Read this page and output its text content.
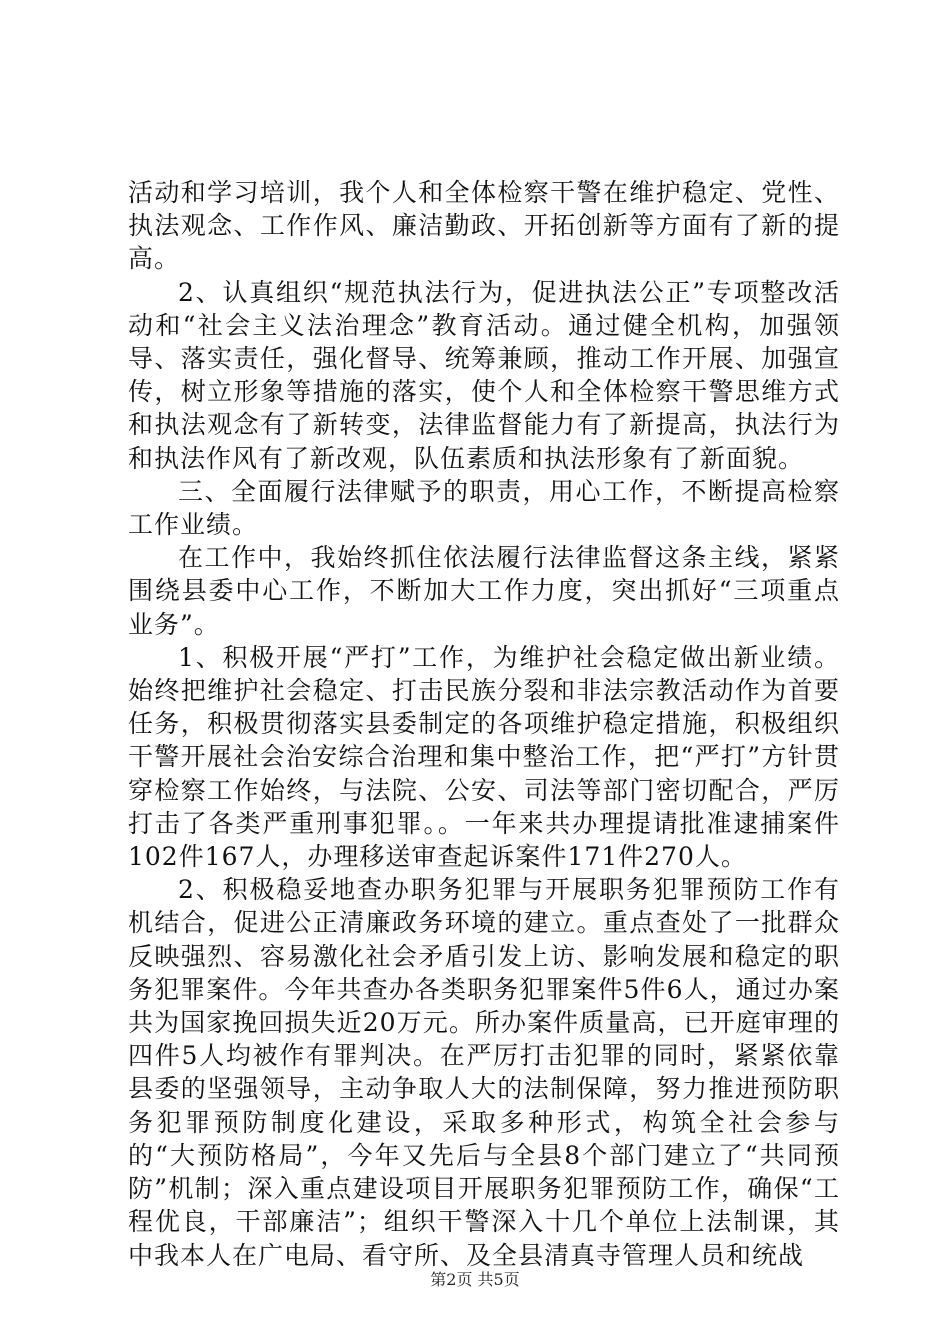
活动和学习培训，我个人和全体检察干警在维护稳定、党性、执法观念、工作作风、廉洁勤政、开拓创新等方面有了新的提高。

2、认真组织“规范执法行为，促进执法公正”专项整改活动和“社会主义法治理念”教育活动。通过健全机构，加强领导、落实责任，强化督导、统筹兼顾，推动工作开展、加强宣传，树立形象等措施的落实，使个人和全体检察干警思维方式和执法观念有了新转变，法律监督能力有了新提高，执法行为和执法作风有了新改观，队伍素质和执法形象有了新面貌。

三、全面履行法律赋予的职责，用心工作，不断提高检察工作业绩。

在工作中，我始终抓住依法履行法律监督这条主线，紧紧围绕县委中心工作，不断加大工作力度，突出抓好“三项重点业务”。

1、积极开展“严打”工作，为维护社会稳定做出新业绩。始终把维护社会稳定、打击民族分裂和非法宗教活动作为首要任务，积极贯彻落实县委制定的各项维护稳定措施，积极组织干警开展社会治安综合治理和集中整治工作，把“严打”方针贯穿检察工作始终，与法院、公安、司法等部门密切配合，严厉打击了各类严重刑事犯罪。。一年来共办理提请批准逮捕案件102件167人，办理移送审查起诉案件171件270人。

2、积极稳妥地查办职务犯罪与开展职务犯罪预防工作有机结合，促进公正清廉政务环境的建立。重点查处了一批群众反映强烈、容易激化社会矛盾引发上访、影响发展和稳定的职务犯罪案件。今年共查办各类职务犯罪案件5件6人，通过办案共为国家挽回损失近20万元。所办案件质量高，已开庭审理的四件5人均被作有罪判决。在严厉打击犯罪的同时，紧紧依靠县委的坚强领导，主动争取人大的法制保障，努力推进预防职务犯罪预防制度化建设，采取多种形式，构筑全社会参与的“大预防格局”，今年又先后与全县8个部门建立了“共同预防”机制；深入重点建设项目开展职务犯罪预防工作，确保“工程优良，干部廉洁”；组织干警深入十几个单位上法制课，其中我本人在广电局、看守所、及全县清真寺管理人员和统战

第2页 共5页
